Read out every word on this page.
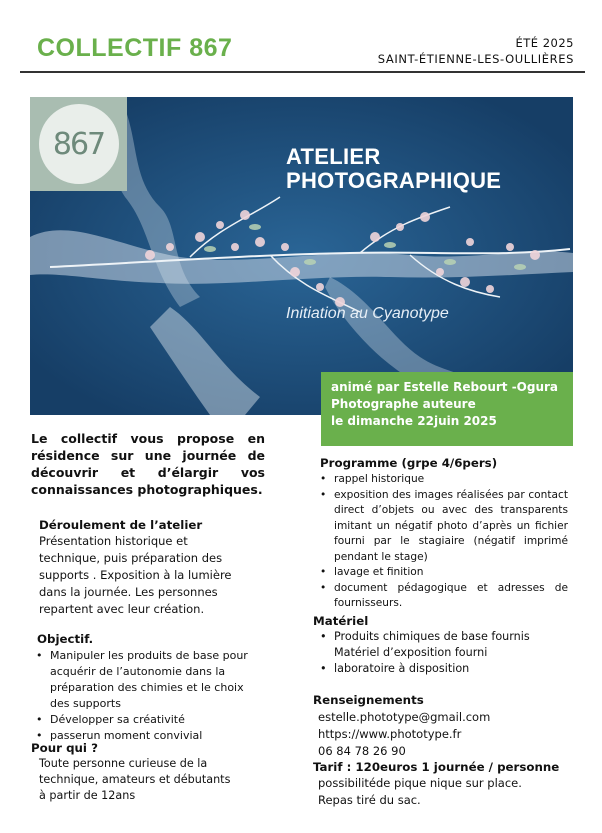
COLLECTIF 867	ÉTÉ 2025
SAINT-ÉTIENNE-LES-OULLIÈRES
867	ATELIER
PHOTOGRAPHIQUE
Initiation au Cyanotype
animé par Estelle Rebourt -Ogura
Photographe auteure
le dimanche 22juin 2025
Le collectif vous propose en résidence sur une journée de découvrir et d’élargir vos connaissances photographiques.
Déroulement de l’atelier
Présentation historique et
technique, puis préparation des
supports . Exposition à la lumière
dans la journée. Les personnes
repartent avec leur création.
Objectif.
• Manipuler les produits de base pour acquérir de l’autonomie dans la préparation des chimies et le choix des supports
• Développer sa créativité
• passerun moment convivial
Pour qui ?
Toute personne curieuse de la
technique, amateurs et débutants
à partir de 12ans
Programme (grpe 4/6pers)
• rappel historique
• exposition des images réalisées par contact direct d’objets ou avec des transparents imitant un négatif photo d’après un fichier fourni par le stagiaire (négatif imprimé pendant le stage)
• lavage et finition
• document pédagogique et adresses de fournisseurs.
Matériel
• Produits chimiques de base fournis
Matériel d’exposition fourni
• laboratoire à disposition
Renseignements
estelle.phototype@gmail.com
https://www.phototype.fr
06 84 78 26 90
Tarif : 120euros 1 journée / personne
possibilitéde pique nique sur place.
Repas tiré du sac.
